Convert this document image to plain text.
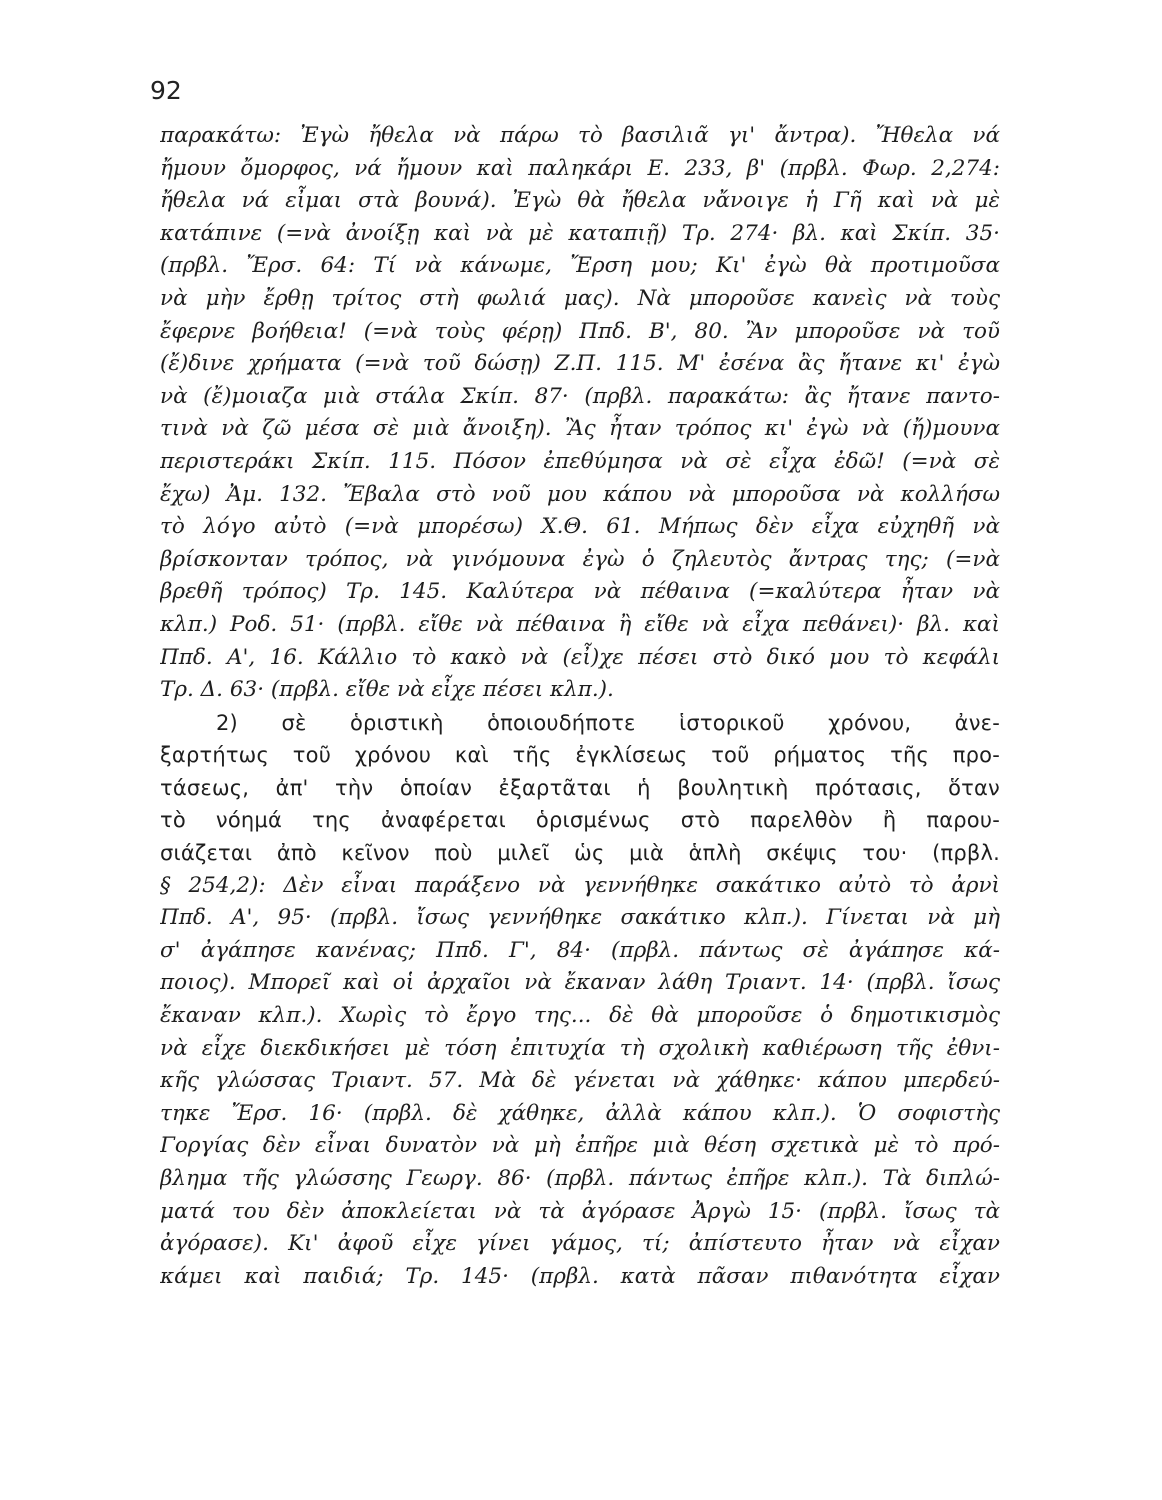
92
παρακάτω: Ἐγὼ ἤθελα νὰ πάρω τὸ βασιλιᾶ γι' ἄντρα). Ἤθελα νά
ἤμουν ὄμορφος, νά ἤμουν καὶ παληκάρι Ε. 233, β' (πρβλ. Φωρ. 2,274:
ἤθελα νά εἶμαι στὰ βουνά). Ἐγὼ θὰ ἤθελα νἄνοιγε ἡ Γῆ καὶ νὰ μὲ
κατάπινε (=νὰ ἀνοίξῃ καὶ νὰ μὲ καταπιῇ) Τρ. 274· βλ. καὶ Σκίπ. 35·
(πρβλ. Ἔρσ. 64: Τί νὰ κάνωμε, Ἔρση μου; Κι' ἐγὼ θὰ προτιμοῦσα
νὰ μὴν ἔρθῃ τρίτος στὴ φωλιά μας). Νὰ μποροῦσε κανεὶς νὰ τοὺς
ἔφερνε βοήθεια! (=νὰ τοὺς φέρῃ) Ππδ. Β', 80. Ἂν μποροῦσε νὰ τοῦ
(ἔ)δινε χρήματα (=νὰ τοῦ δώσῃ) Ζ.Π. 115. Μ' ἐσένα ἂς ἤτανε κι' ἐγὼ
νὰ (ἔ)μοιαζα μιὰ στάλα Σκίπ. 87· (πρβλ. παρακάτω: ἂς ἤτανε παντο-
τινὰ νὰ ζῶ μέσα σὲ μιὰ ἄνοιξη). Ἂς ἦταν τρόπος κι' ἐγὼ νὰ (ἤ)μουνα
περιστεράκι Σκίπ. 115. Πόσον ἐπεθύμησα νὰ σὲ εἶχα ἐδῶ! (=νὰ σὲ
ἔχω) Ἀμ. 132. Ἔβαλα στὸ νοῦ μου κάπου νὰ μποροῦσα νὰ κολλήσω
τὸ λόγο αὐτὸ (=νὰ μπορέσω) Χ.Θ. 61. Μήπως δὲν εἶχα εὐχηθῆ νὰ
βρίσκονταν τρόπος, νὰ γινόμουνα ἐγὼ ὁ ζηλευτὸς ἄντρας της; (=νὰ
βρεθῆ τρόπος) Τρ. 145. Καλύτερα νὰ πέθαινα (=καλύτερα ἦταν νὰ
κλπ.) Ροδ. 51· (πρβλ. εἴθε νὰ πέθαινα ἢ εἴθε νὰ εἶχα πεθάνει)· βλ. καὶ
Ππδ. Α', 16. Κάλλιο τὸ κακὸ νὰ (εἶ)χε πέσει στὸ δικό μου τὸ κεφάλι
Τρ. Δ. 63· (πρβλ. εἴθε νὰ εἶχε πέσει κλπ.).
2) σὲ ὁριστικὴ ὁποιουδήποτε ἱστορικοῦ χρόνου, ἀνε-
ξαρτήτως τοῦ χρόνου καὶ τῆς ἐγκλίσεως τοῦ ρήματος τῆς προ-
τάσεως, ἀπ' τὴν ὁποίαν ἐξαρτᾶται ἡ βουλητικὴ πρότασις, ὅταν
τὸ νόημά της ἀναφέρεται ὁρισμένως στὸ παρελθὸν ἢ παρου-
σιάζεται ἀπὸ κεῖνον ποὺ μιλεῖ ὡς μιὰ ἁπλὴ σκέψις του· (πρβλ.
§ 254,2): Δὲν εἶναι παράξενο νὰ γεννήθηκε σακάτικο αὐτὸ τὸ ἀρνὶ
Ππδ. Α', 95· (πρβλ. ἴσως γεννήθηκε σακάτικο κλπ.). Γίνεται νὰ μὴ
σ' ἀγάπησε κανένας; Ππδ. Γ', 84· (πρβλ. πάντως σὲ ἀγάπησε κά-
ποιος). Μπορεῖ καὶ οἱ ἀρχαῖοι νὰ ἔκαναν λάθη Τριαντ. 14· (πρβλ. ἴσως
ἔκαναν κλπ.). Χωρὶς τὸ ἔργο της... δὲ θὰ μποροῦσε ὁ δημοτικισμὸς
νὰ εἶχε διεκδικήσει μὲ τόση ἐπιτυχία τὴ σχολικὴ καθιέρωση τῆς ἐθνι-
κῆς γλώσσας Τριαντ. 57. Μὰ δὲ γένεται νὰ χάθηκε· κάπου μπερδεύ-
τηκε Ἔρσ. 16· (πρβλ. δὲ χάθηκε, ἀλλὰ κάπου κλπ.). Ὁ σοφιστὴς
Γοργίας δὲν εἶναι δυνατὸν νὰ μὴ ἐπῆρε μιὰ θέση σχετικὰ μὲ τὸ πρό-
βλημα τῆς γλώσσης Γεωργ. 86· (πρβλ. πάντως ἐπῆρε κλπ.). Τὰ διπλώ-
ματά του δὲν ἀποκλείεται νὰ τὰ ἀγόρασε Ἀργὼ 15· (πρβλ. ἴσως τὰ
ἀγόρασε). Κι' ἀφοῦ εἶχε γίνει γάμος, τί; ἀπίστευτο ἦταν νὰ εἶχαν
κάμει καὶ παιδιά; Τρ. 145· (πρβλ. κατὰ πᾶσαν πιθανότητα εἶχαν
